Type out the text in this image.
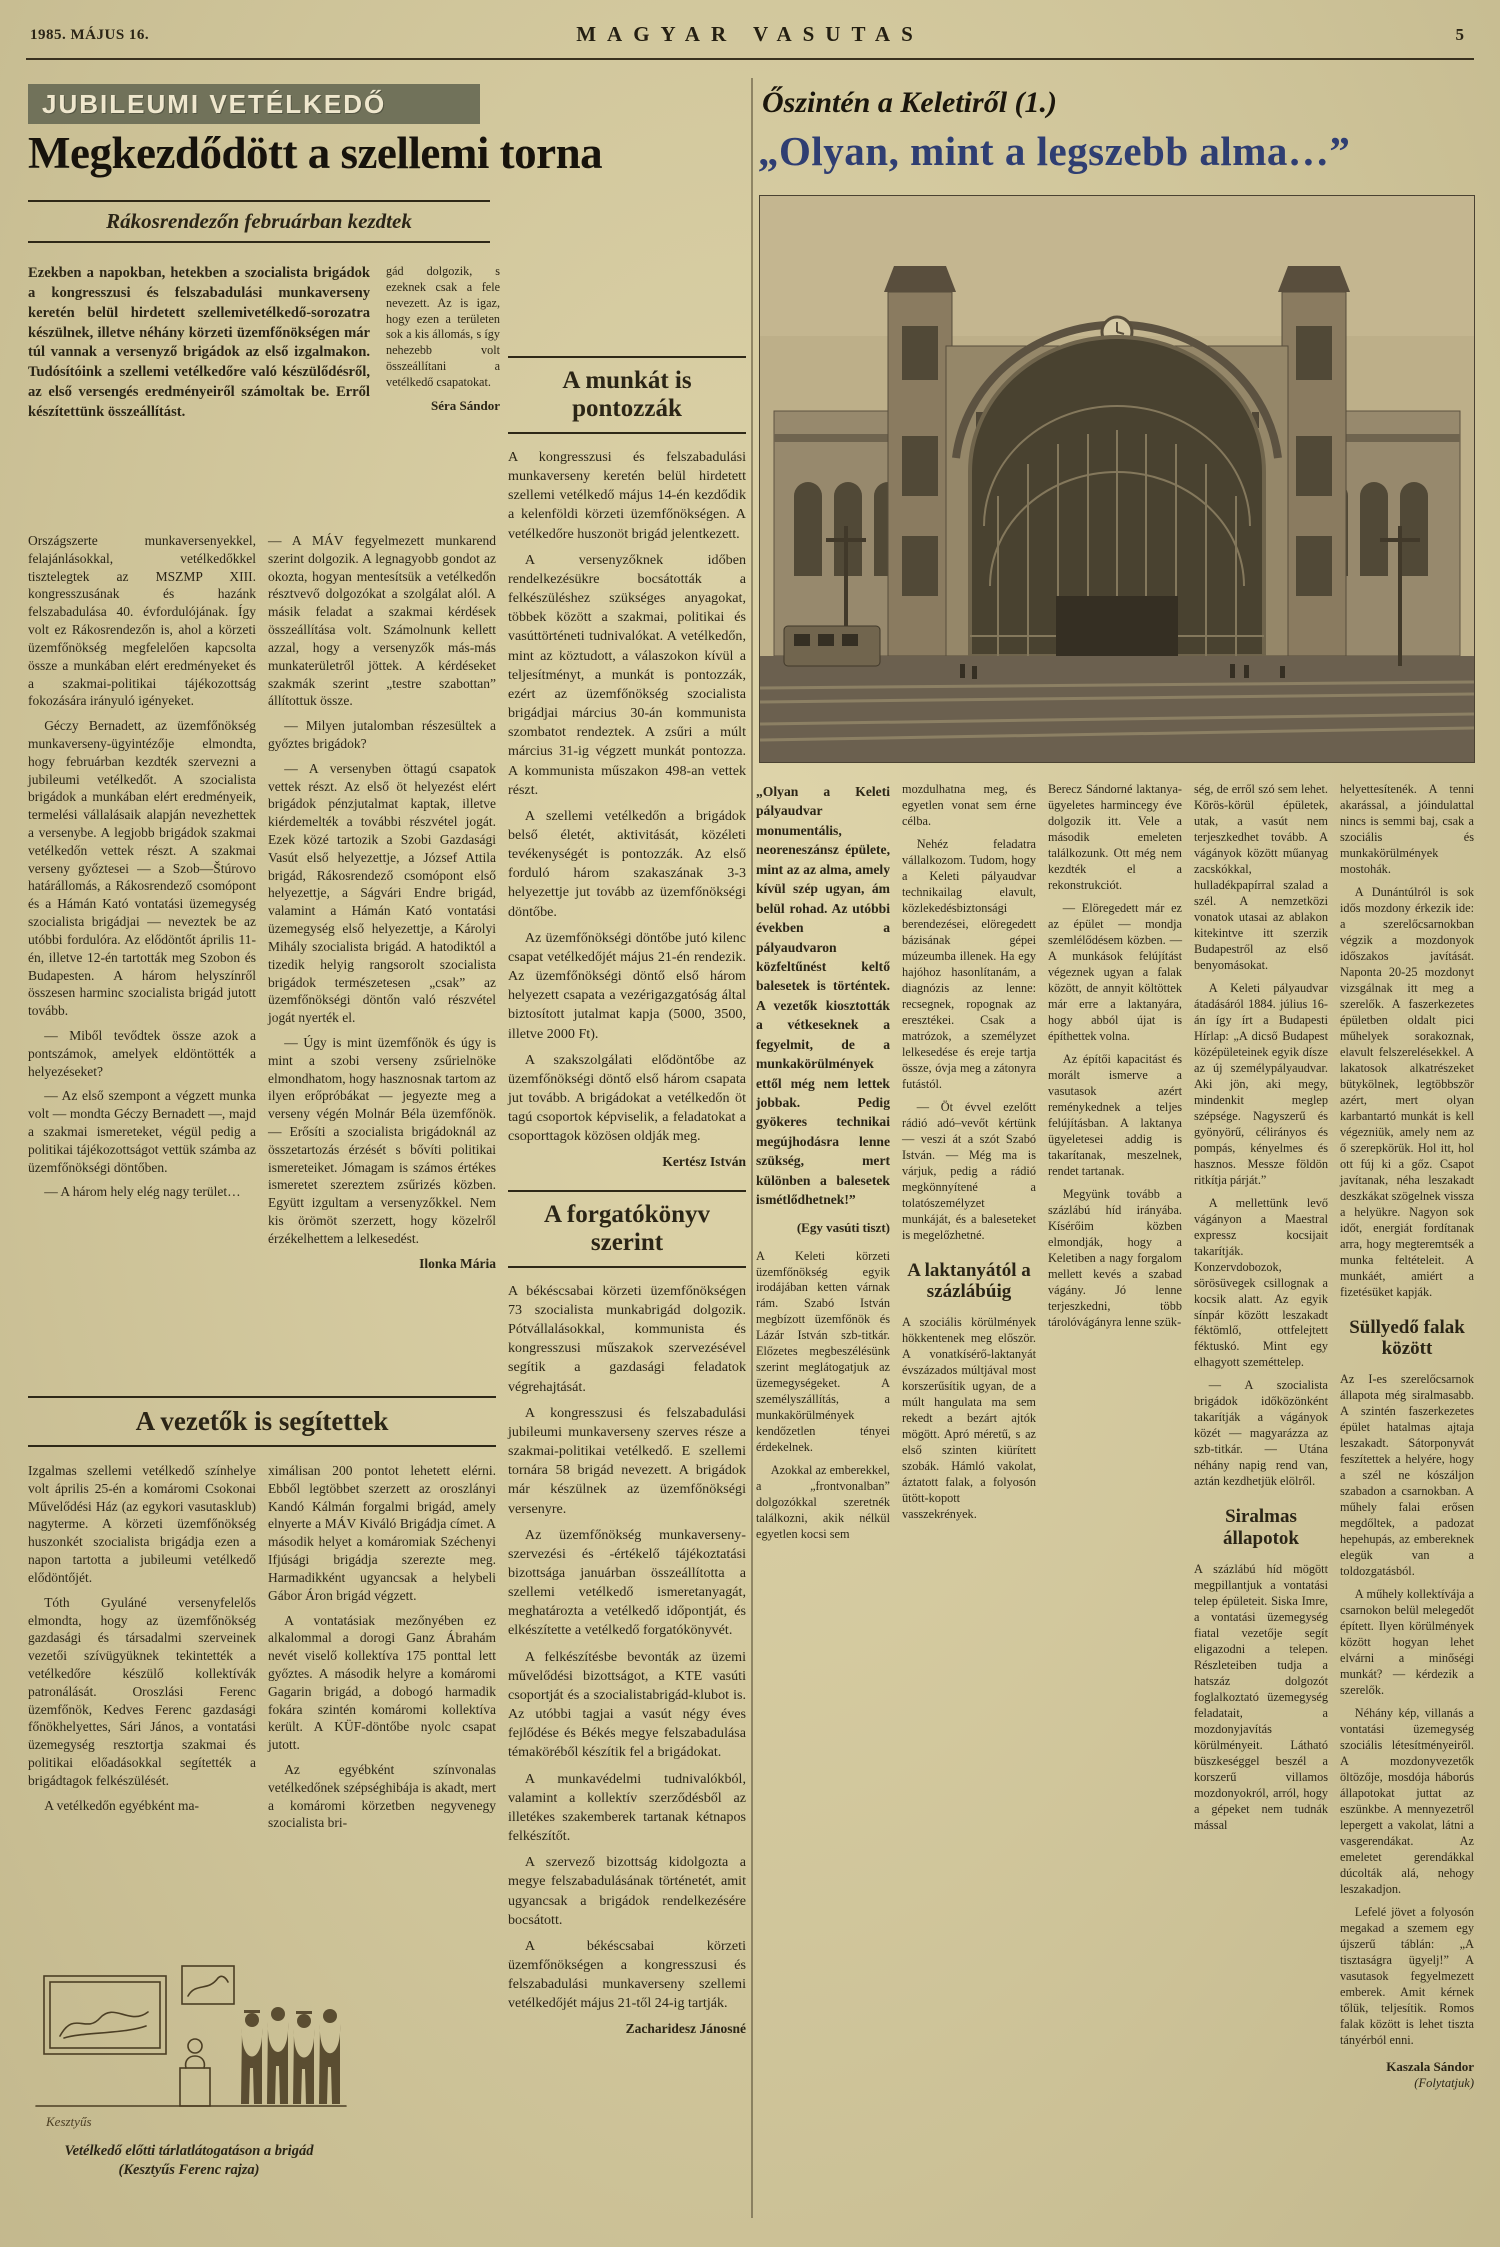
1985. MÁJUS 16.	MAGYAR VASUTAS	5
JUBILEUMI VETÉLKEDŐ
Megkezdődött a szellemi torna
Rákosrendezőn februárban kezdtek
Ezekben a napokban, hetekben a szocialista brigádok a kongresszusi és felszabadulási munkaverseny keretén belül hirdetett szellemivetélkedő-sorozatra készülnek, illetve néhány körzeti üzemfőnökségen már túl vannak a versenyző brigádok az első izgalmakon. Tudósítóink a szellemi vetélkedőre való készülődésről, az első versengés eredményeiről számoltak be. Erről készítettünk összeállítást.

gád dolgozik, s ezeknek csak a fele nevezett. Az is igaz, hogy ezen a területen sok a kis állomás, s így nehezebb volt összeállítani a vetélkedő csapatokat.

Séra Sándor

Országszerte munkaversenyekkel, felajánlásokkal, vetélkedőkkel tisztelegtek az MSZMP XIII. kongresszusának és hazánk felszabadulása 40. évfordulójának. Így volt ez Rákosrendezőn is, ahol a körzeti üzemfőnökség megfelelően kapcsolta össze a munkában elért eredményeket és a szakmai-politikai tájékozottság fokozására irányuló igényeket.

Géczy Bernadett, az üzemfőnökség munkaverseny-ügyintézője elmondta, hogy februárban kezdték szervezni a jubileumi vetélkedőt. A szocialista brigádok a munkában elért eredményeik, termelési vállalásaik alapján nevezhettek a versenybe. A legjobb brigádok szakmai vetélkedőn vettek részt. A szakmai verseny győztesei — a Szob—Štúrovo határállomás, a Rákosrendező csomópont és a Hámán Kató vontatási üzemegység szocialista brigádjai — neveztek be az utóbbi fordulóra. Az elődöntőt április 11-én, illetve 12-én tartották meg Szobon és Budapesten. A három helyszínről összesen harminc szocialista brigád jutott tovább.

— Miből tevődtek össze azok a pontszámok, amelyek eldöntötték a helyezéseket?

— Az első szempont a végzett munka volt — mondta Géczy Bernadett —, majd a szakmai ismereteket, végül pedig a politikai tájékozottságot vettük számba az üzemfőnökségi döntőben.

— A három hely elég nagy terület…

— A MÁV fegyelmezett munkarend szerint dolgozik. A legnagyobb gondot az okozta, hogyan mentesítsük a vetélkedőn résztvevő dolgozókat a szolgálat alól. A másik feladat a szakmai kérdések összeállítása volt. Számolnunk kellett azzal, hogy a versenyzők más-más munkaterületről jöttek. A kérdéseket szakmák szerint „testre szabottan” állítottuk össze.

— Milyen jutalomban részesültek a győztes brigádok?

— A versenyben öttagú csapatok vettek részt. Az első öt helyezést elért brigádok pénzjutalmat kaptak, illetve kiérdemelték a további részvétel jogát. Ezek közé tartozik a Szobi Gazdasági Vasút első helyezettje, a József Attila brigád, Rákosrendező csomópont első helyezettje, a Ságvári Endre brigád, valamint a Hámán Kató vontatási üzemegység első helyezettje, a Károlyi Mihály szocialista brigád. A hatodiktól a tizedik helyig rangsorolt szocialista brigádok természetesen „csak” az üzemfőnökségi döntőn való részvétel jogát nyerték el.

— Úgy is mint üzemfőnök és úgy is mint a szobi verseny zsűrielnöke elmondhatom, hogy hasznosnak tartom az ilyen erőpróbákat — jegyezte meg a verseny végén Molnár Béla üzemfőnök. — Erősíti a szocialista brigádoknál az összetartozás érzését s bővíti politikai ismereteiket. Jómagam is számos értékes ismeretet szereztem zsűrizés közben. Együtt izgultam a versenyzőkkel. Nem kis örömöt szerzett, hogy közelről érzékelhettem a lelkesedést.

Ilonka Mária
A munkát is
pontozzák

A kongresszusi és felszabadulási munkaverseny keretén belül hirdetett szellemi vetélkedő május 14-én kezdődik a kelenföldi körzeti üzemfőnökségen. A vetélkedőre huszonöt brigád jelentkezett.

A versenyzőknek időben rendelkezésükre bocsátották a felkészüléshez szükséges anyagokat, többek között a szakmai, politikai és vasúttörténeti tudnivalókat. A vetélkedőn, mint az köztudott, a válaszokon kívül a teljesítményt, a munkát is pontozzák, ezért az üzemfőnökség szocialista brigádjai március 30-án kommunista szombatot rendeztek. A zsűri a múlt március 31-ig végzett munkát pontozza. A kommunista műszakon 498-an vettek részt.

A szellemi vetélkedőn a brigádok belső életét, aktivitását, közéleti tevékenységét is pontozzák. Az első forduló három szakaszának 3-3 helyezettje jut tovább az üzemfőnökségi döntőbe.

Az üzemfőnökségi döntőbe jutó kilenc csapat vetélkedőjét május 21-én rendezik. Az üzemfőnökségi döntő első három helyezett csapata a vezérigazgatóság által biztosított jutalmat kapja (5000, 3500, illetve 2000 Ft).

A szakszolgálati elődöntőbe az üzemfőnökségi döntő első három csapata jut tovább. A brigádokat a vetélkedőn öt tagú csoportok képviselik, a feladatokat a csoporttagok közösen oldják meg.

Kertész István
A forgatókönyv
szerint

A békéscsabai körzeti üzemfőnökségen 73 szocialista munkabrigád dolgozik. Pótvállalásokkal, kommunista és kongresszusi műszakok szervezésével segítik a gazdasági feladatok végrehajtását.

A kongresszusi és felszabadulási jubileumi munkaverseny szerves része a szakmai-politikai vetélkedő. E szellemi tornára 58 brigád nevezett. A brigádok már készülnek az üzemfőnökségi versenyre.

Az üzemfőnökség munkaverseny-szervezési és -értékelő tájékoztatási bizottsága januárban összeállította a szellemi vetélkedő ismeretanyagát, meghatározta a vetélkedő időpontját, és elkészítette a vetélkedő forgatókönyvét.

A felkészítésbe bevonták az üzemi művelődési bizottságot, a KTE vasúti csoportját és a szocialistabrigád-klubot is. Az utóbbi tagjai a vasút négy éves fejlődése és Békés megye felszabadulása témaköréből készítik fel a brigádokat.

A munkavédelmi tudnivalókból, valamint a kollektív szerződésből az illetékes szakemberek tartanak kétnapos felkészítőt.

A szervező bizottság kidolgozta a megye felszabadulásának történetét, amit ugyancsak a brigádok rendelkezésére bocsátott.

A békéscsabai körzeti üzemfőnökségen a kongresszusi és felszabadulási munkaverseny szellemi vetélkedőjét május 21-től 24-ig tartják.

Zacharidesz Jánosné
A vezetők is segítettek

Izgalmas szellemi vetélkedő színhelye volt április 25-én a komáromi Csokonai Művelődési Ház (az egykori vasutasklub) nagyterme. A körzeti üzemfőnökség huszonkét szocialista brigádja ezen a napon tartotta a jubileumi vetélkedő elődöntőjét.

Tóth Gyuláné versenyfelelős elmondta, hogy az üzemfőnökség gazdasági és társadalmi szerveinek vezetői szívügyüknek tekintették a vetélkedőre készülő kollektívák patronálását. Oroszlási Ferenc üzemfőnök, Kedves Ferenc gazdasági főnökhelyettes, Sári János, a vontatási üzemegység resztortja szakmai és politikai előadásokkal segítették a brigádtagok felkészülését.

A vetélkedőn egyébként ma-

ximálisan 200 pontot lehetett elérni. Ebből legtöbbet szerzett az oroszlányi Kandó Kálmán forgalmi brigád, amely elnyerte a MÁV Kiváló Brigádja címet. A második helyet a komáromiak Széchenyi Ifjúsági brigádja szerezte meg. Harmadikként ugyancsak a helybeli Gábor Áron brigád végzett.

A vontatásiak mezőnyében ez alkalommal a dorogi Ganz Ábrahám nevét viselő kollektíva 175 ponttal lett győztes. A második helyre a komáromi Gagarin brigád, a dobogó harmadik fokára szintén komáromi kollektíva került. A KÜF-döntőbe nyolc csapat jutott.

Az egyébként színvonalas vetélkedőnek szépséghibája is akadt, mert a komáromi körzetben negyvenegy szocialista bri-

Kesztyűs
Vetélkedő előtti tárlatlátogatáson a brigád
(Kesztyűs Ferenc rajza)
Őszintén a Keletiről (1.)
„Olyan, mint a legszebb alma…”
„Olyan a Keleti pályaudvar monumentális, neoreneszánsz épülete, mint az az alma, amely kívül szép ugyan, ám belül rohad. Az utóbbi években a pályaudvaron közfeltűnést keltő balesetek is történtek. A vezetők kiosztották a vétkeseknek a fegyelmit, de a munkakörülmények ettől még nem lettek jobbak. Pedig gyökeres technikai megújhodásra lenne szükség, mert különben a balesetek ismétlődhetnek!”
(Egy vasúti tiszt)

A Keleti körzeti üzemfőnökség egyik irodájában ketten várnak rám. Szabó István megbízott üzemfőnök és Lázár István szb-titkár. Előzetes megbeszélésünk szerint meglátogatjuk az üzemegységeket. A személyszállítás, a munkakörülmények kendőzetlen tényei érdekelnek.

Azokkal az emberekkel, a „frontvonalban” dolgozókkal szeretnék találkozni, akik nélkül egyetlen kocsi sem

mozdulhatna meg, és egyetlen vonat sem érne célba.

Nehéz feladatra vállalkozom. Tudom, hogy a Keleti pályaudvar technikailag elavult, közlekedésbiztonsági berendezései, elöregedett bázisának gépei múzeumba illenek. Ha egy hajóhoz hasonlítanám, a diagnózis az lenne: recsegnek, ropognak az eresztékei. Csak a matrózok, a személyzet lelkesedése és ereje tartja össze, óvja meg a zátonyra futástól.

— Öt évvel ezelőtt rádió adó–vevőt kértünk — veszi át a szót Szabó István. — Még ma is várjuk, pedig a rádió megkönnyítené a tolatószemélyzet munkáját, és a baleseteket is megelőzhetné.

A laktanyától a százlábúig

A szociális körülmények hökkentenek meg először. A vonatkísérő-laktanyát évszázados múltjával most korszerűsítik ugyan, de a múlt hangulata ma sem rekedt a bezárt ajtók mögött. Apró méretű, s az első szinten kiürített szobák. Hámló vakolat, áztatott falak, a folyosón ütött-kopott vasszekrények.

Berecz Sándorné laktanya-ügyeletes harmincegy éve dolgozik itt. Vele a második emeleten találkozunk. Ott még nem kezdték el a rekonstrukciót.

— Elöregedett már ez az épület — mondja szemlélődésem közben. — A munkások felújítást végeznek ugyan a falak között, de annyit költöttek már erre a laktanyára, hogy abból újat is építhettek volna.

Az építői kapacitást és morált ismerve a vasutasok azért reménykednek a teljes felújításban. A laktanya ügyeletesei addig is takarítanak, meszelnek, rendet tartanak.

Megyünk tovább a százlábú híd irányába. Kísérőim közben elmondják, hogy a Keletiben a nagy forgalom mellett kevés a szabad vágány. Jó lenne terjeszkedni, több tárolóvágányra lenne szük-

ség, de erről szó sem lehet. Körös-körül épületek, utak, a vasút nem terjeszkedhet tovább. A vágányok között műanyag zacskókkal, hulladékpapírral szalad a szél. A nemzetközi vonatok utasai az ablakon kitekintve itt szerzik Budapestről az első benyomásokat.

A Keleti pályaudvar átadásáról 1884. július 16-án így írt a Budapesti Hírlap: „A dicső Budapest középületeinek egyik dísze az új személypályaudvar. Aki jön, aki megy, mindenkit meglep szépsége. Nagyszerű és gyönyörű, célirányos és pompás, kényelmes és hasznos. Messze földön ritkítja párját.”

A mellettünk levő vágányon a Maestral expressz kocsijait takarítják. Konzervdobozok, sörösüvegek csillognak a kocsik alatt. Az egyik sínpár között leszakadt féktömlő, ottfelejtett féktuskó. Mint egy elhagyott szeméttelep.

— A szocialista brigádok időközönként takarítják a vágányok közét — magyarázza az szb-titkár. — Utána néhány napig rend van, aztán kezdhetjük elölről.

Siralmas állapotok

A százlábú híd mögött megpillantjuk a vontatási telep épületeit. Siska Imre, a vontatási üzemegység fiatal vezetője segít eligazodni a telepen. Részleteiben tudja a hatszáz dolgozót foglalkoztató üzemegység feladatait, a mozdonyjavítás körülményeit. Látható büszkeséggel beszél a korszerű villamos mozdonyokról, arról, hogy a gépeket nem tudnák mással

helyettesítenék. A tenni akarással, a jóindulattal nincs is semmi baj, csak a szociális és munkakörülmények mostohák.

A Dunántúlról is sok idős mozdony érkezik ide: a szerelőcsarnokban végzik a mozdonyok időszakos javítását. Naponta 20-25 mozdonyt vizsgálnak itt meg a szerelők. A faszerkezetes épületben oldalt pici műhelyek sorakoznak, elavult felszerelésekkel. A lakatosok alkatrészeket bütykölnek, legtöbbször azért, mert olyan karbantartó munkát is kell végezniük, amely nem az ő szerepkörük. Hol itt, hol ott fúj ki a gőz. Csapot javítanak, néha leszakadt deszkákat szögelnek vissza a helyükre. Nagyon sok időt, energiát fordítanak arra, hogy megteremtsék a munka feltételeit. A munkáét, amiért a fizetésüket kapják.

Süllyedő falak között

Az I-es szerelőcsarnok állapota még siralmasabb. A szintén faszerkezetes épület hatalmas ajtaja leszakadt. Sátorponyvát feszítettek a helyére, hogy a szél ne kószáljon szabadon a csarnokban. A műhely falai erősen megdőltek, a padozat hepehupás, az embereknek elegük van a toldozgatásból.

A műhely kollektívája a csarnokon belül melegedőt épített. Ilyen körülmények között hogyan lehet elvárni a minőségi munkát? — kérdezik a szerelők.

Néhány kép, villanás a vontatási üzemegység szociális létesítményeiről. A mozdonyvezetők öltözője, mosdója háborús állapotokat juttat az eszünkbe. A mennyezetről lepergett a vakolat, látni a vasgerendákat. Az emeletet gerendákkal dúcolták alá, nehogy leszakadjon.

Lefelé jövet a folyosón megakad a szemem egy újszerű táblán: „A tisztaságra ügyelj!” A vasutasok fegyelmezett emberek. Amit kérnek tőlük, teljesítik. Romos falak között is lehet tiszta tányérból enni.

Kaszala Sándor
(Folytatjuk)
